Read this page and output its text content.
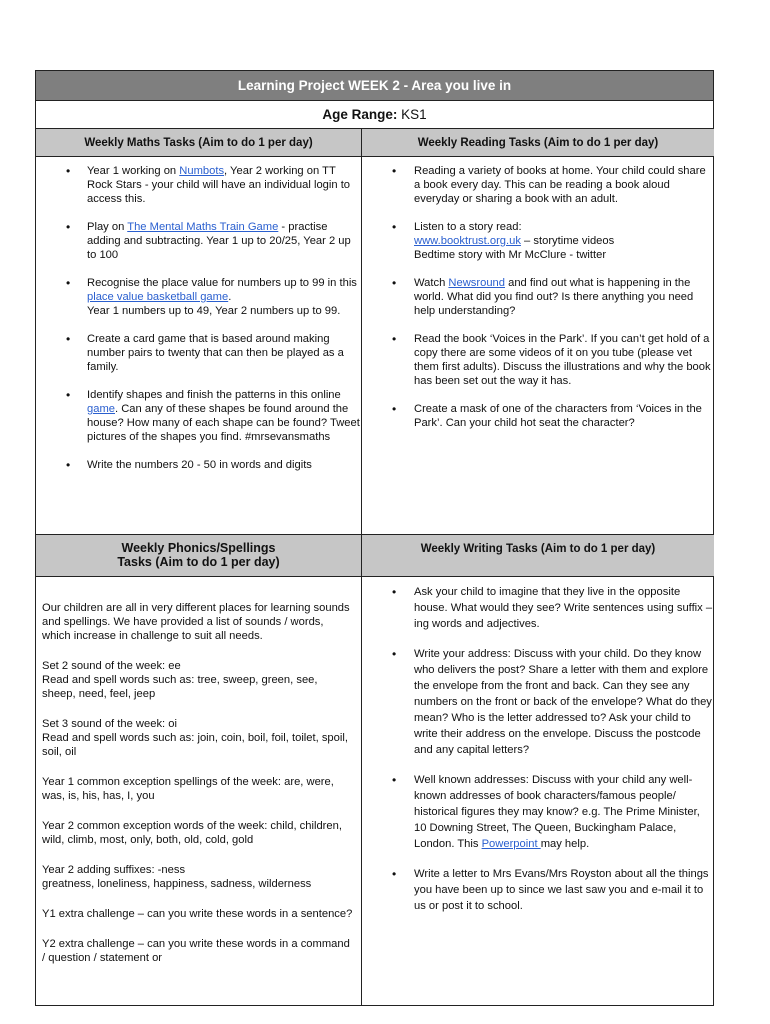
Learning Project WEEK 2 - Area you live in
Age Range: KS1
Weekly Maths Tasks (Aim to do 1 per day)	Weekly Reading Tasks (Aim to do 1 per day)
• Year 1 working on Numbots, Year 2 working on TT Rock Stars - your child will have an individual login to access this.
• Play on The Mental Maths Train Game - practise adding and subtracting. Year 1 up to 20/25, Year 2 up to 100
• Recognise the place value for numbers up to 99 in this place value basketball game.
Year 1 numbers up to 49, Year 2 numbers up to 99.
• Create a card game that is based around making number pairs to twenty that can then be played as a family.
• Identify shapes and finish the patterns in this online game. Can any of these shapes be found around the house? How many of each shape can be found? Tweet pictures of the shapes you find. #mrsevansmaths
• Write the numbers 20 - 50 in words and digits
• Reading a variety of books at home. Your child could share a book every day. This can be reading a book aloud everyday or sharing a book with an adult.
• Listen to a story read:
www.booktrust.org.uk – storytime videos
Bedtime story with Mr McClure - twitter
• Watch Newsround and find out what is happening in the world. What did you find out? Is there anything you need help understanding?
• Read the book ‘Voices in the Park’. If you can’t get hold of a copy there are some videos of it on you tube (please vet them first adults). Discuss the illustrations and why the book has been set out the way it has.
• Create a mask of one of the characters from ‘Voices in the Park’. Can your child hot seat the character?
Weekly Phonics/Spellings
Tasks (Aim to do 1 per day)
Weekly Writing Tasks (Aim to do 1 per day)

Our children are all in very different places for learning sounds and spellings. We have provided a list of sounds / words, which increase in challenge to suit all needs.

Set 2 sound of the week: ee
Read and spell words such as: tree, sweep, green, see, sheep, need, feel, jeep

Set 3 sound of the week: oi
Read and spell words such as: join, coin, boil, foil, toilet, spoil, soil, oil

Year 1 common exception spellings of the week: are, were, was, is, his, has, I, you

Year 2 common exception words of the week: child, children, wild, climb, most, only, both, old, cold, gold

Year 2 adding suffixes: -ness
greatness, loneliness, happiness, sadness, wilderness

Y1 extra challenge – can you write these words in a sentence?

Y2 extra challenge – can you write these words in a command / question / statement or

• Ask your child to imagine that they live in the opposite house. What would they see? Write sentences using suffix – ing words and adjectives.
• Write your address: Discuss with your child. Do they know who delivers the post? Share a letter with them and explore the envelope from the front and back. Can they see any numbers on the front or back of the envelope? What do they mean? Who is the letter addressed to? Ask your child to write their address on the envelope. Discuss the postcode and any capital letters?
• Well known addresses: Discuss with your child any well-known addresses of book characters/famous people/ historical figures they may know? e.g. The Prime Minister, 10 Downing Street, The Queen, Buckingham Palace, London. This Powerpoint may help.
• Write a letter to Mrs Evans/Mrs Royston about all the things you have been up to since we last saw you and e-mail it to us or post it to school.
